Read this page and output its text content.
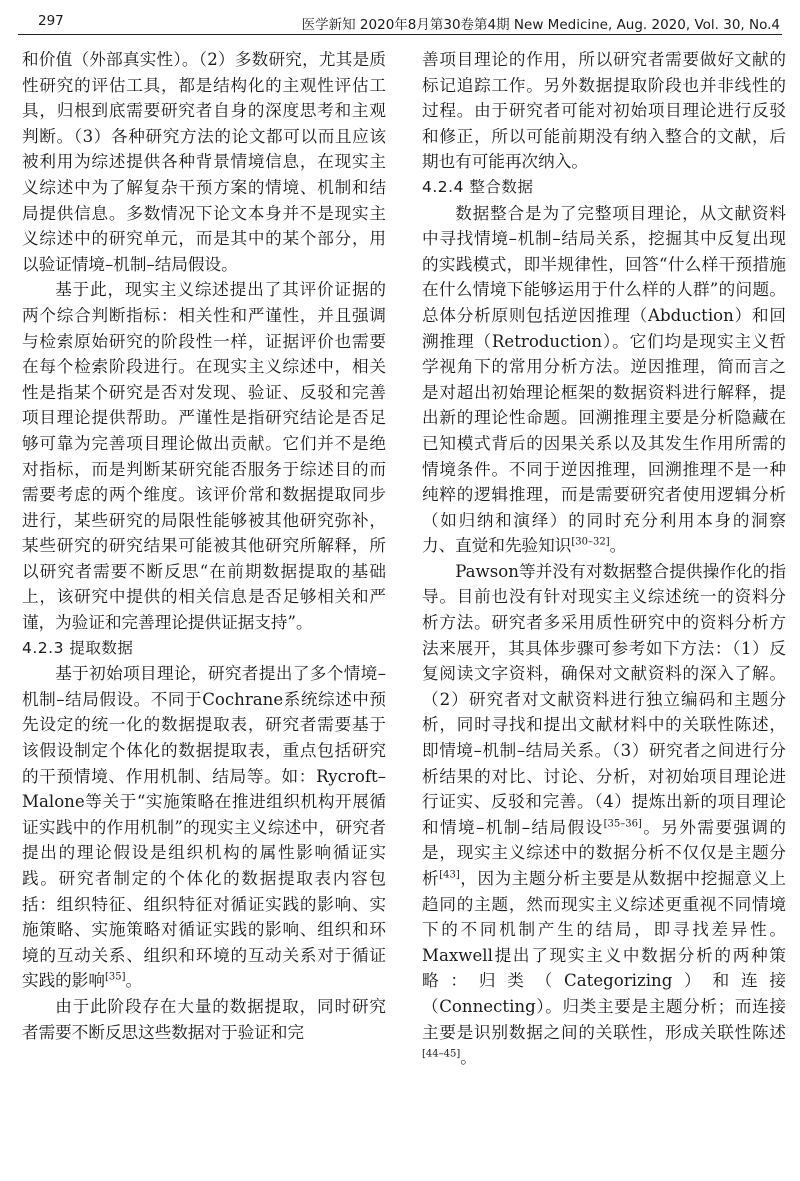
297	医学新知 2020年8月第30卷第4期 New Medicine, Aug. 2020, Vol. 30, No.4

和价值（外部真实性）。（2）多数研究，尤其是质性研究的评估工具，都是结构化的主观性评估工具，归根到底需要研究者自身的深度思考和主观判断。（3）各种研究方法的论文都可以而且应该被利用为综述提供各种背景情境信息，在现实主义综述中为了解复杂干预方案的情境、机制和结局提供信息。多数情况下论文本身并不是现实主义综述中的研究单元，而是其中的某个部分，用以验证情境–机制–结局假设。

基于此，现实主义综述提出了其评价证据的两个综合判断指标：相关性和严谨性，并且强调与检索原始研究的阶段性一样，证据评价也需要在每个检索阶段进行。在现实主义综述中，相关性是指某个研究是否对发现、验证、反驳和完善项目理论提供帮助。严谨性是指研究结论是否足够可靠为完善项目理论做出贡献。它们并不是绝对指标，而是判断某研究能否服务于综述目的而需要考虑的两个维度。该评价常和数据提取同步进行，某些研究的局限性能够被其他研究弥补，某些研究的研究结果可能被其他研究所解释，所以研究者需要不断反思“在前期数据提取的基础上，该研究中提供的相关信息是否足够相关和严谨，为验证和完善理论提供证据支持”。

4.2.3 提取数据

基于初始项目理论，研究者提出了多个情境–机制–结局假设。不同于Cochrane系统综述中预先设定的统一化的数据提取表，研究者需要基于该假设制定个体化的数据提取表，重点包括研究的干预情境、作用机制、结局等。如：Rycroft–Malone等关于“实施策略在推进组织机构开展循证实践中的作用机制”的现实主义综述中，研究者提出的理论假设是组织机构的属性影响循证实践。研究者制定的个体化的数据提取表内容包括：组织特征、组织特征对循证实践的影响、实施策略、实施策略对循证实践的影响、组织和环境的互动关系、组织和环境的互动关系对于循证实践的影响[35]。

由于此阶段存在大量的数据提取，同时研究者需要不断反思这些数据对于验证和完

善项目理论的作用，所以研究者需要做好文献的标记追踪工作。另外数据提取阶段也并非线性的过程。由于研究者可能对初始项目理论进行反驳和修正，所以可能前期没有纳入整合的文献，后期也有可能再次纳入。

4.2.4 整合数据

数据整合是为了完整项目理论，从文献资料中寻找情境–机制–结局关系，挖掘其中反复出现的实践模式，即半规律性，回答“什么样干预措施在什么情境下能够运用于什么样的人群”的问题。总体分析原则包括逆因推理（Abduction）和回溯推理（Retroduction）。它们均是现实主义哲学视角下的常用分析方法。逆因推理，简而言之是对超出初始理论框架的数据资料进行解释，提出新的理论性命题。回溯推理主要是分析隐藏在已知模式背后的因果关系以及其发生作用所需的情境条件。不同于逆因推理，回溯推理不是一种纯粹的逻辑推理，而是需要研究者使用逻辑分析（如归纳和演绎）的同时充分利用本身的洞察力、直觉和先验知识[30–32]。

Pawson等并没有对数据整合提供操作化的指导。目前也没有针对现实主义综述统一的资料分析方法。研究者多采用质性研究中的资料分析方法来展开，其具体步骤可参考如下方法：（1）反复阅读文字资料，确保对文献资料的深入了解。（2）研究者对文献资料进行独立编码和主题分析，同时寻找和提出文献材料中的关联性陈述，即情境–机制–结局关系。（3）研究者之间进行分析结果的对比、讨论、分析，对初始项目理论进行证实、反驳和完善。（4）提炼出新的项目理论和情境–机制–结局假设[35–36]。另外需要强调的是，现实主义综述中的数据分析不仅仅是主题分析[43]，因为主题分析主要是从数据中挖掘意义上趋同的主题，然而现实主义综述更重视不同情境下的不同机制产生的结局，即寻找差异性。Maxwell提出了现实主义中数据分析的两种策略：归类（Categorizing）和连接（Connecting）。归类主要是主题分析；而连接主要是识别数据之间的关联性，形成关联性陈述[44–45]。
